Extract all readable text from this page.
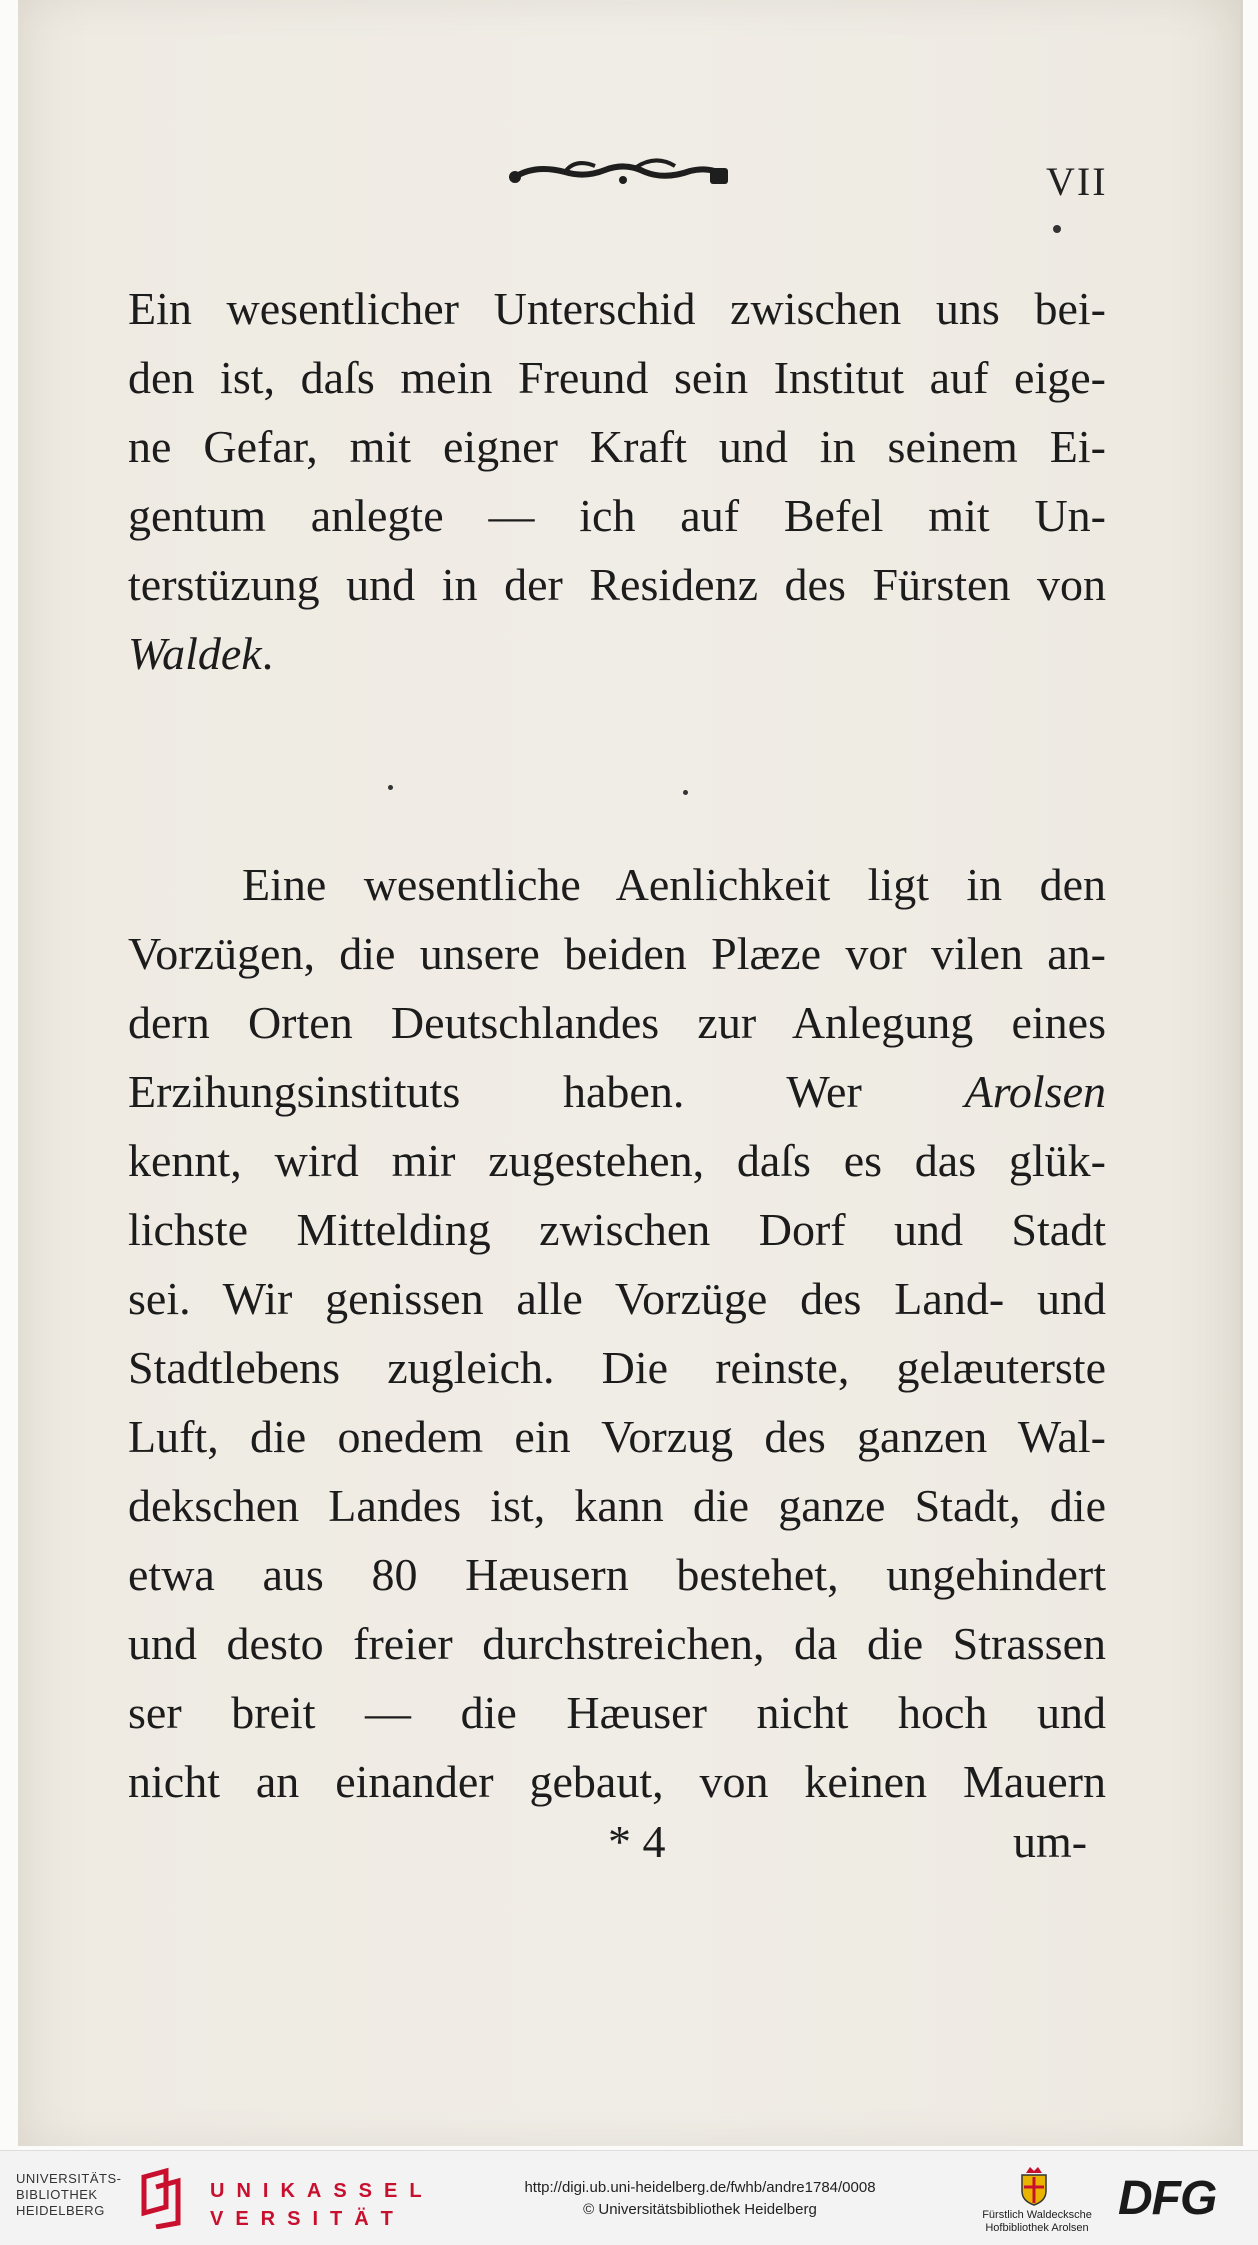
VII
Ein wesentlicher Unterschid zwischen uns bei-
den ist, daſs mein Freund sein Institut auf eige-
ne Gefar, mit eigner Kraft und in seinem Ei-
gentum anlegte — ich auf Befel mit Un-
terstüzung und in der Residenz des Fürsten von
Waldek.
Eine wesentliche Aenlichkeit ligt in den
Vorzügen, die unsere beiden Plæze vor vilen an-
dern Orten Deutschlandes zur Anlegung eines
Erzihungsinstituts haben. Wer Arolsen
kennt, wird mir zugestehen, daſs es das glük-
lichste Mittelding zwischen Dorf und Stadt
sei. Wir genissen alle Vorzüge des Land- und
Stadtlebens zugleich. Die reinste, gelæuterste
Luft, die onedem ein Vorzug des ganzen Wal-
dekschen Landes ist, kann die ganze Stadt, die
etwa aus 80 Hæusern bestehet, ungehindert
und desto freier durchstreichen, da die Strassen
ser breit — die Hæuser nicht hoch und
nicht an einander gebaut, von keinen Mauern
* 4	um-
UNIVERSITÄTS-
BIBLIOTHEK
HEIDELBERG
UNIKASSEL
VERSITÄT
http://digi.ub.uni-heidelberg.de/fwhb/andre1784/0008
© Universitätsbibliothek Heidelberg	Fürstlich Waldecksche
Hofbibliothek Arolsen
DFG
